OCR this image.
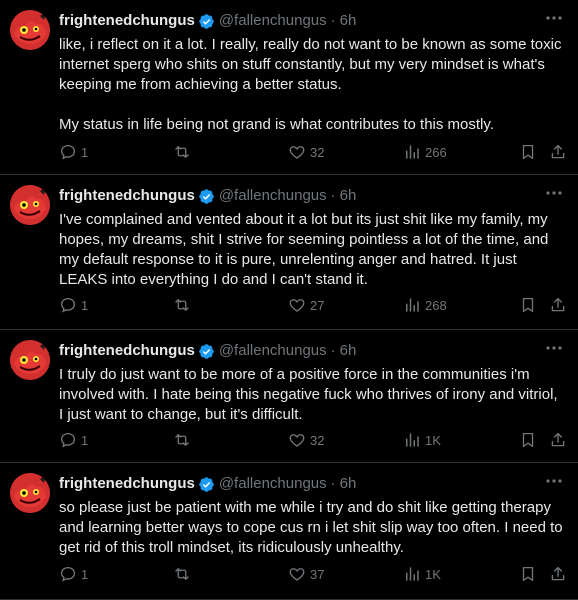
frightenedchungus @fallenchungus · 6h
like, i reflect on it a lot. I really, really do not want to be known as some toxic internet sperg who shits on stuff constantly, but my very mindset is what's keeping me from achieving a better status.

My status in life being not grand is what contributes to this mostly.
1	32	266
frightenedchungus @fallenchungus · 6h
I've complained and vented about it a lot but its just shit like my family, my hopes, my dreams, shit I strive for seeming pointless a lot of the time, and my default response to it is pure, unrelenting anger and hatred. It just LEAKS into everything I do and I can't stand it.
1	27	268
frightenedchungus @fallenchungus · 6h
I truly do just want to be more of a positive force in the communities i'm involved with. I hate being this negative fuck who thrives of irony and vitriol, I just want to change, but it's difficult.
1	32	1K
frightenedchungus @fallenchungus · 6h
so please just be patient with me while i try and do shit like getting therapy and learning better ways to cope cus rn i let shit slip way too often. I need to get rid of this troll mindset, its ridiculously unhealthy.
1	37	1K
